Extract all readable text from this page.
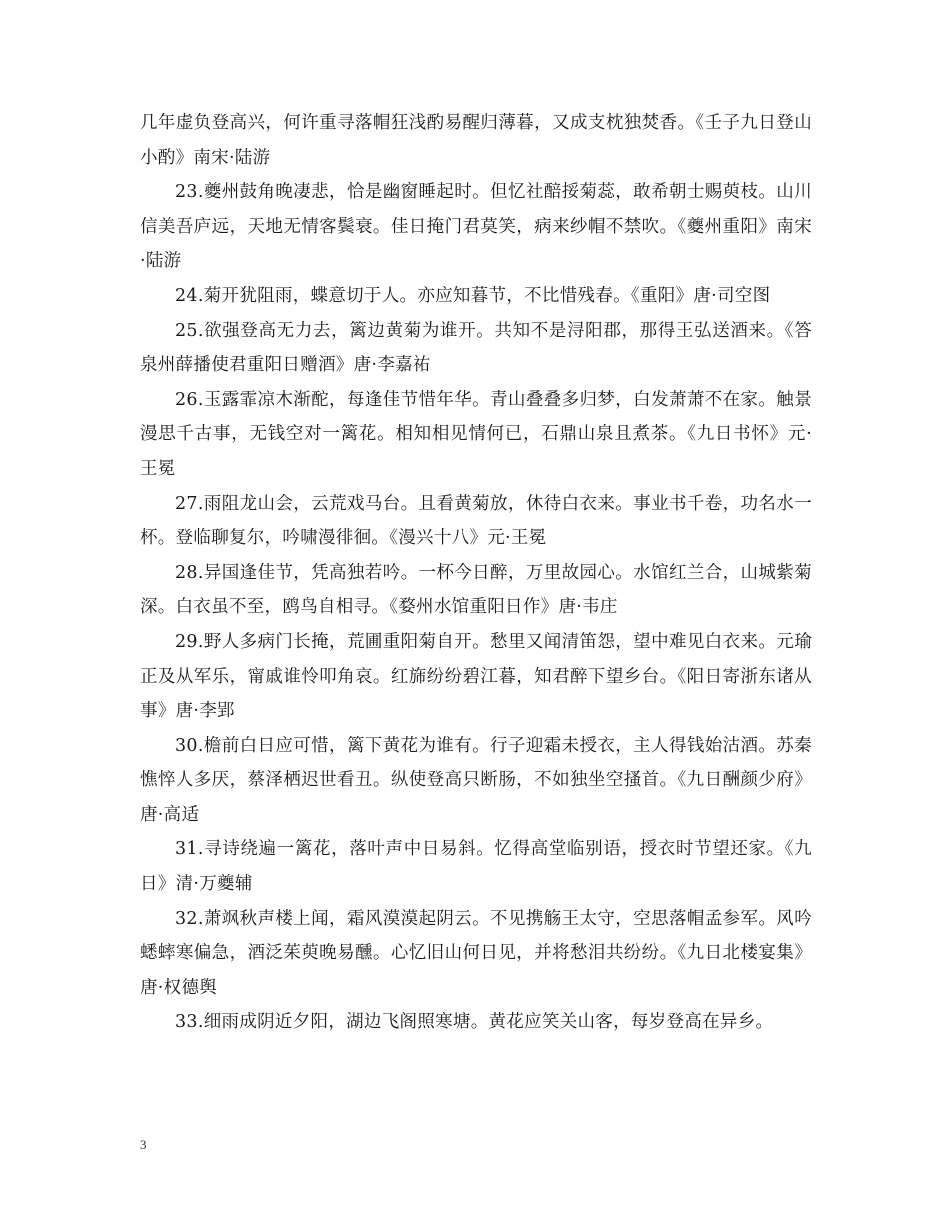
几年虚负登高兴，何许重寻落帽狂浅酌易醒归薄暮，又成支枕独焚香。《壬子九日登山小酌》南宋·陆游

23.夔州鼓角晚凄悲，恰是幽窗睡起时。但忆社醅挼菊蕊，敢希朝士赐萸枝。山川信美吾庐远，天地无情客鬓衰。佳日掩门君莫笑，病来纱帽不禁吹。《夔州重阳》南宋·陆游

24.菊开犹阻雨，蝶意切于人。亦应知暮节，不比惜残春。《重阳》唐·司空图

25.欲强登高无力去，篱边黄菊为谁开。共知不是浔阳郡，那得王弘送酒来。《答泉州薛播使君重阳日赠酒》唐·李嘉祐

26.玉露霏凉木渐酡，每逢佳节惜年华。青山叠叠多归梦，白发萧萧不在家。触景漫思千古事，无钱空对一篱花。相知相见情何已，石鼎山泉且煮茶。《九日书怀》元·王冕

27.雨阻龙山会，云荒戏马台。且看黄菊放，休待白衣来。事业书千卷，功名水一杯。登临聊复尔，吟啸漫徘徊。《漫兴十八》元·王冕

28.异国逢佳节，凭高独若吟。一杯今日醉，万里故园心。水馆红兰合，山城紫菊深。白衣虽不至，鸥鸟自相寻。《婺州水馆重阳日作》唐·韦庄

29.野人多病门长掩，荒圃重阳菊自开。愁里又闻清笛怨，望中难见白衣来。元瑜正及从军乐，甯戚谁怜叩角哀。红旆纷纷碧江暮，知君醉下望乡台。《阳日寄浙东诸从事》唐·李郢

30.檐前白日应可惜，篱下黄花为谁有。行子迎霜未授衣，主人得钱始沽酒。苏秦憔悴人多厌，蔡泽栖迟世看丑。纵使登高只断肠，不如独坐空搔首。《九日酬颜少府》唐·高适

31.寻诗绕遍一篱花，落叶声中日易斜。忆得高堂临别语，授衣时节望还家。《九日》清·万夔辅

32.萧飒秋声楼上闻，霜风漠漠起阴云。不见携觞王太守，空思落帽孟参军。风吟蟋蟀寒偏急，酒泛茱萸晚易醺。心忆旧山何日见，并将愁泪共纷纷。《九日北楼宴集》唐·权德舆

33.细雨成阴近夕阳，湖边飞阁照寒塘。黄花应笑关山客，每岁登高在异乡。

3
